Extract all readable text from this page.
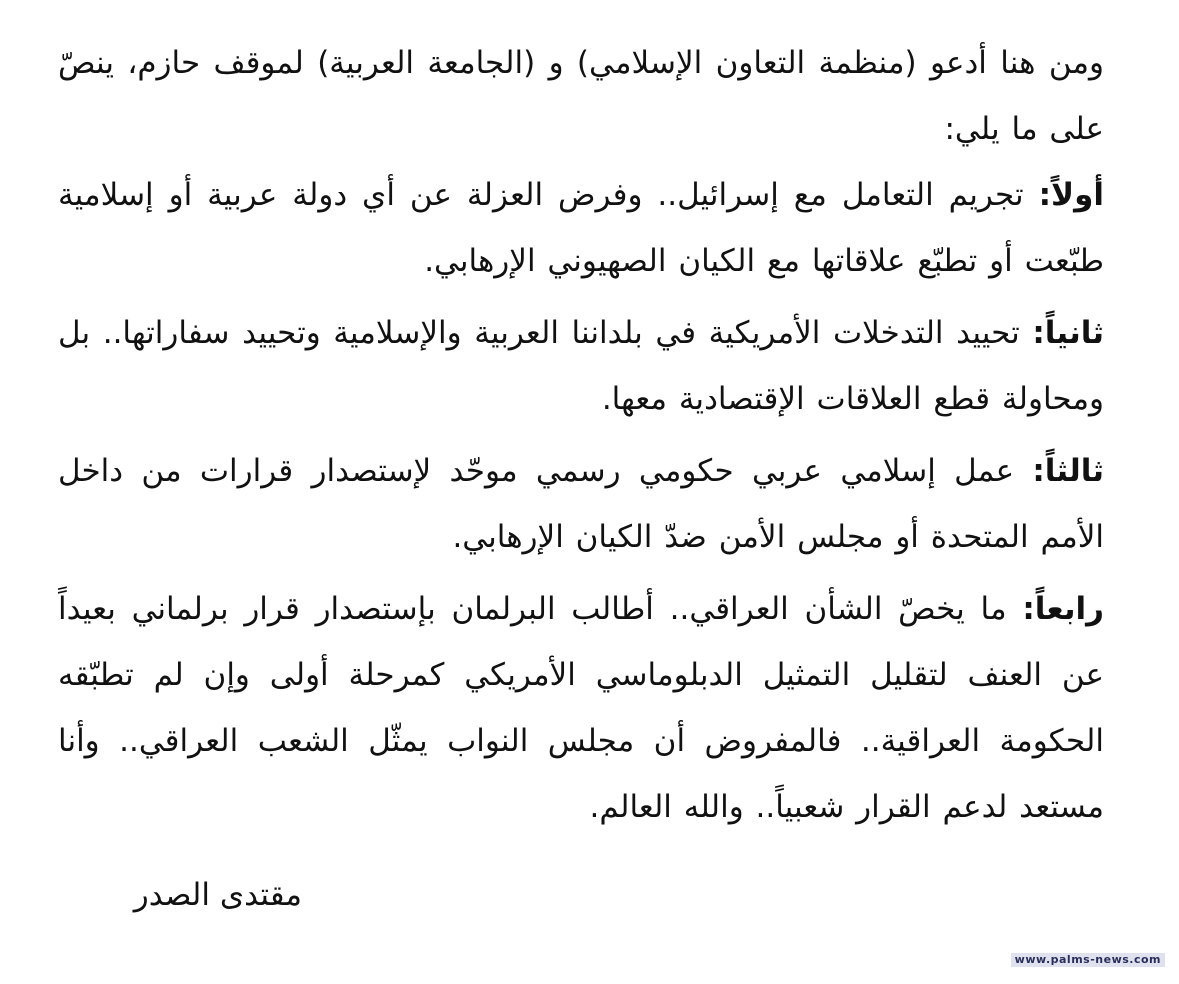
ومن هنا أدعو (منظمة التعاون الإسلامي) و (الجامعة العربية) لموقف حازم، ينصّ على ما يلي:

أولاً: تجريم التعامل مع إسرائيل.. وفرض العزلة عن أي دولة عربية أو إسلامية طبّعت أو تطبّع علاقاتها مع الكيان الصهيوني الإرهابي.

ثانياً: تحييد التدخلات الأمريكية في بلداننا العربية والإسلامية وتحييد سفاراتها.. بل ومحاولة قطع العلاقات الإقتصادية معها.

ثالثاً: عمل إسلامي عربي حكومي رسمي موحّد لإستصدار قرارات من داخل الأمم المتحدة أو مجلس الأمن ضدّ الكيان الإرهابي.

رابعاً: ما يخصّ الشأن العراقي.. أطالب البرلمان بإستصدار قرار برلماني بعيداً عن العنف لتقليل التمثيل الدبلوماسي الأمريكي كمرحلة أولى وإن لم تطبّقه الحكومة العراقية.. فالمفروض أن مجلس النواب يمثّل الشعب العراقي.. وأنا مستعد لدعم القرار شعبياً.. والله العالم.

مقتدى الصدر
www.palms-news.com
